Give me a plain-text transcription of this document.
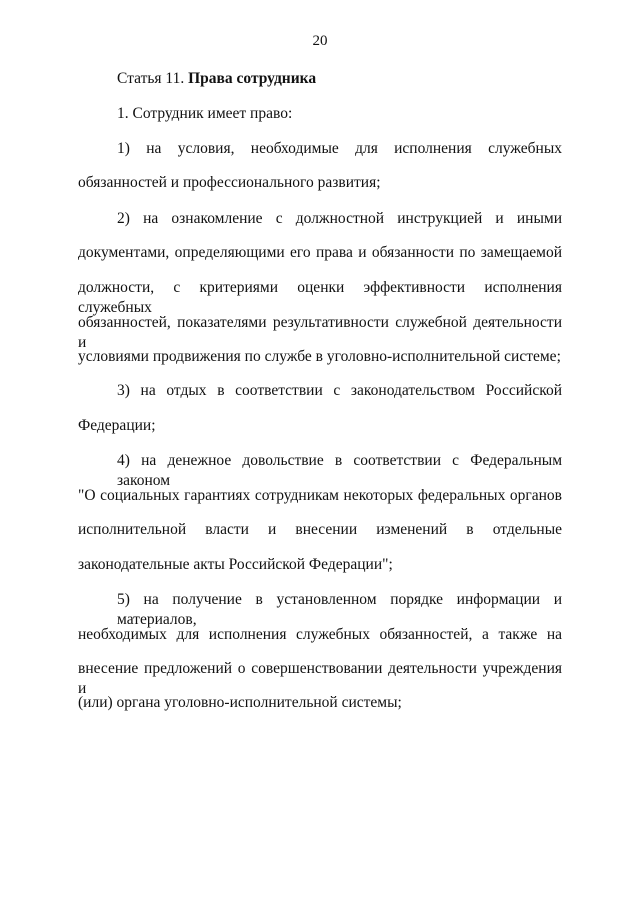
20
Статья 11. Права сотрудника
1. Сотрудник имеет право:
1) на условия, необходимые для исполнения служебных
обязанностей и профессионального развития;
2) на ознакомление с должностной инструкцией и иными
документами, определяющими его права и обязанности по замещаемой
должности, с критериями оценки эффективности исполнения служебных
обязанностей, показателями результативности служебной деятельности и
условиями продвижения по службе в уголовно-исполнительной системе;
3) на отдых в соответствии с законодательством Российской
Федерации;
4) на денежное довольствие в соответствии с Федеральным законом
"О социальных гарантиях сотрудникам некоторых федеральных органов
исполнительной власти и внесении изменений в отдельные
законодательные акты Российской Федерации";
5) на получение в установленном порядке информации и материалов,
необходимых для исполнения служебных обязанностей, а также на
внесение предложений о совершенствовании деятельности учреждения и
(или) органа уголовно-исполнительной системы;
